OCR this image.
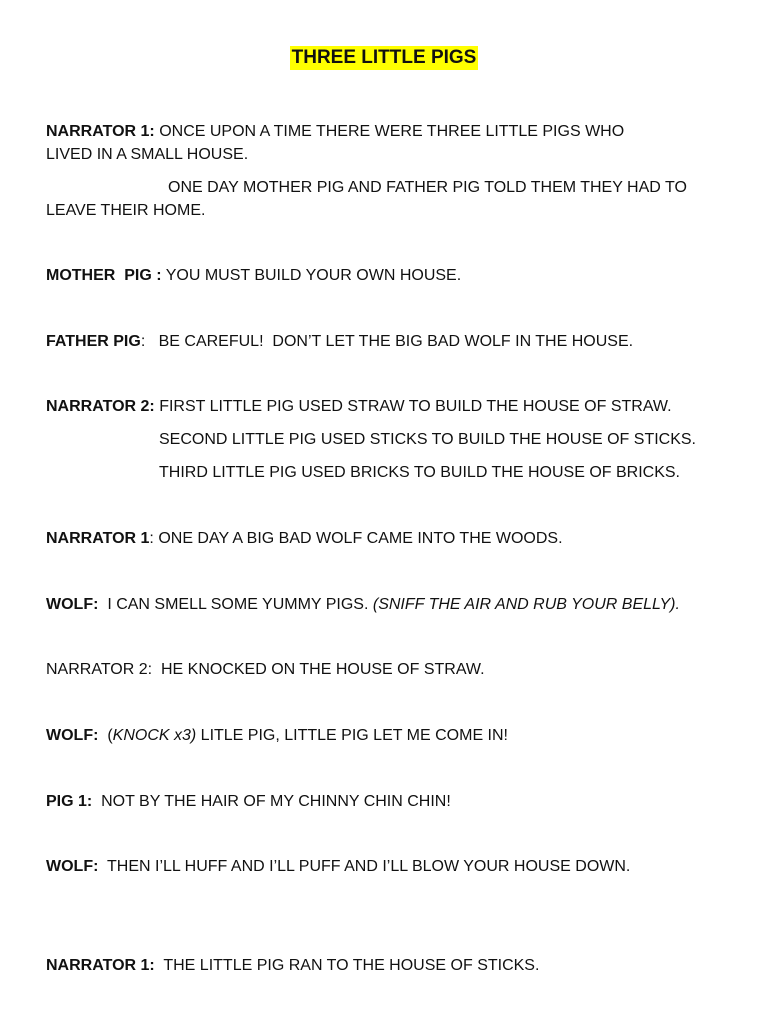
THREE LITTLE PIGS
NARRATOR 1: ONCE UPON A TIME THERE WERE THREE LITTLE PIGS WHO
LIVED IN A SMALL HOUSE.
ONE DAY MOTHER PIG AND FATHER PIG TOLD THEM THEY HAD TO
LEAVE THEIR HOME.
MOTHER  PIG : YOU MUST BUILD YOUR OWN HOUSE.
FATHER PIG:   BE CAREFUL!  DON’T LET THE BIG BAD WOLF IN THE HOUSE.
NARRATOR 2: FIRST LITTLE PIG USED STRAW TO BUILD THE HOUSE OF STRAW.
SECOND LITTLE PIG USED STICKS TO BUILD THE HOUSE OF STICKS.
THIRD LITTLE PIG USED BRICKS TO BUILD THE HOUSE OF BRICKS.
NARRATOR 1: ONE DAY A BIG BAD WOLF CAME INTO THE WOODS.
WOLF:  I CAN SMELL SOME YUMMY PIGS. (SNIFF THE AIR AND RUB YOUR BELLY).
NARRATOR 2:  HE KNOCKED ON THE HOUSE OF STRAW.
WOLF:  (KNOCK x3) LITLE PIG, LITTLE PIG LET ME COME IN!
PIG 1:  NOT BY THE HAIR OF MY CHINNY CHIN CHIN!
WOLF:  THEN I’LL HUFF AND I’LL PUFF AND I’LL BLOW YOUR HOUSE DOWN.
NARRATOR 1:  THE LITTLE PIG RAN TO THE HOUSE OF STICKS.
